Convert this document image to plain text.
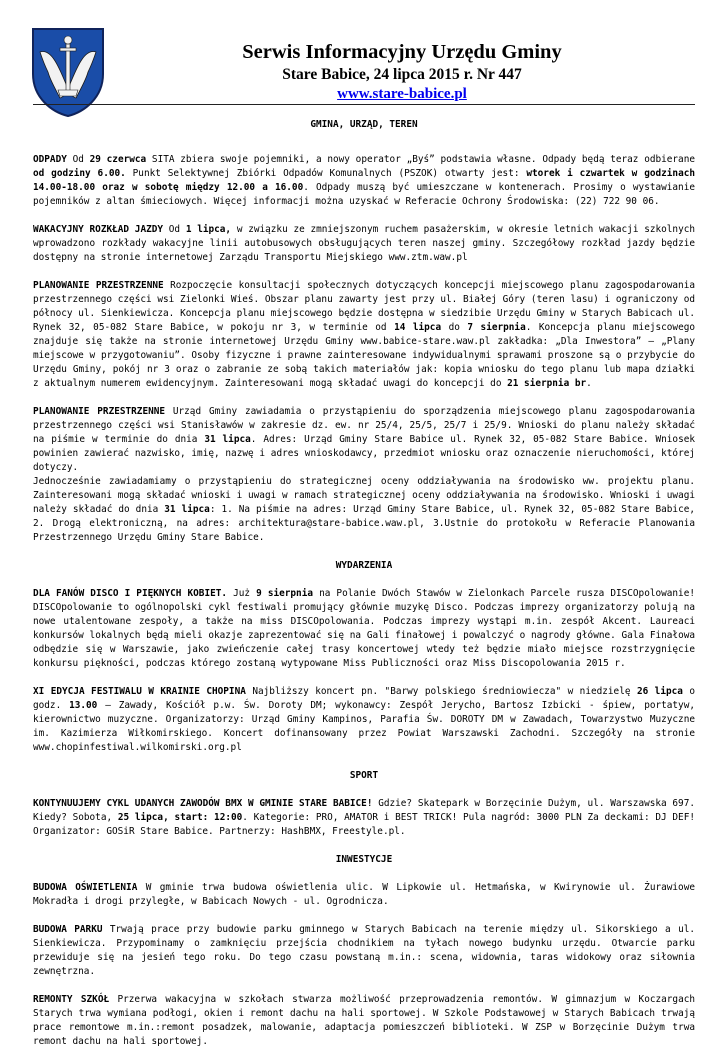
Serwis Informacyjny Urzędu Gminy
Stare Babice, 24 lipca 2015 r. Nr 447
www.stare-babice.pl

GMINA, URZĄD, TEREN

ODPADY Od 29 czerwca SITA zbiera swoje pojemniki, a nowy operator „Byś” podstawia własne. Odpady będą teraz odbierane od godziny 6.00. Punkt Selektywnej Zbiórki Odpadów Komunalnych (PSZOK) otwarty jest: wtorek i czwartek w godzinach 14.00-18.00 oraz w sobotę między 12.00 a 16.00. Odpady muszą być umieszczane w kontenerach. Prosimy o wystawianie pojemników z altan śmieciowych. Więcej informacji można uzyskać w Referacie Ochrony Środowiska: (22) 722 90 06.

WAKACYJNY ROZKŁAD JAZDY Od 1 lipca, w związku ze zmniejszonym ruchem pasażerskim, w okresie letnich wakacji szkolnych wprowadzono rozkłady wakacyjne linii autobusowych obsługujących teren naszej gminy. Szczegółowy rozkład jazdy będzie dostępny na stronie internetowej Zarządu Transportu Miejskiego www.ztm.waw.pl

PLANOWANIE PRZESTRZENNE Rozpoczęcie konsultacji społecznych dotyczących koncepcji miejscowego planu zagospodarowania przestrzennego części wsi Zielonki Wieś. Obszar planu zawarty jest przy ul. Białej Góry (teren lasu) i ograniczony od północy ul. Sienkiewicza. Koncepcja planu miejscowego będzie dostępna w siedzibie Urzędu Gminy w Starych Babicach ul. Rynek 32, 05-082 Stare Babice, w pokoju nr 3, w terminie od 14 lipca do 7 sierpnia. Koncepcja planu miejscowego znajduje się także na stronie internetowej Urzędu Gminy www.babice-stare.waw.pl zakładka: „Dla Inwestora” – „Plany miejscowe w przygotowaniu”. Osoby fizyczne i prawne zainteresowane indywidualnymi sprawami proszone są o przybycie do Urzędu Gminy, pokój nr 3 oraz o zabranie ze sobą takich materiałów jak: kopia wniosku do tego planu lub mapa działki z aktualnym numerem ewidencyjnym. Zainteresowani mogą składać uwagi do koncepcji do 21 sierpnia br.

PLANOWANIE PRZESTRZENNE Urząd Gminy zawiadamia o przystąpieniu do sporządzenia miejscowego planu zagospodarowania przestrzennego części wsi Stanisławów w zakresie dz. ew. nr 25/4, 25/5, 25/7 i 25/9. Wnioski do planu należy składać na piśmie w terminie do dnia 31 lipca. Adres: Urząd Gminy Stare Babice ul. Rynek 32, 05-082 Stare Babice. Wniosek powinien zawierać nazwisko, imię, nazwę i adres wnioskodawcy, przedmiot wniosku oraz oznaczenie nieruchomości, której dotyczy.

Jednocześnie zawiadamiamy o przystąpieniu do strategicznej oceny oddziaływania na środowisko ww. projektu planu. Zainteresowani mogą składać wnioski i uwagi w ramach strategicznej oceny oddziaływania na środowisko. Wnioski i uwagi należy składać do dnia 31 lipca: 1. Na piśmie na adres: Urząd Gminy Stare Babice, ul. Rynek 32, 05-082 Stare Babice, 2. Drogą elektroniczną, na adres: architektura@stare-babice.waw.pl, 3.Ustnie do protokołu w Referacie Planowania Przestrzennego Urzędu Gminy Stare Babice.

WYDARZENIA

DLA FANÓW DISCO I PIĘKNYCH KOBIET. Już 9 sierpnia na Polanie Dwóch Stawów w Zielonkach Parcele rusza DISCOpolowanie! DISCOpolowanie to ogólnopolski cykl festiwali promujący głównie muzykę Disco. Podczas imprezy organizatorzy polują na nowe utalentowane zespoły, a także na miss DISCOpolowania. Podczas imprezy wystąpi m.in. zespół Akcent. Laureaci konkursów lokalnych będą mieli okazje zaprezentować się na Gali finałowej i powalczyć o nagrody główne. Gala Finałowa odbędzie się w Warszawie, jako zwieńczenie całej trasy koncertowej wtedy też będzie miało miejsce rozstrzygnięcie konkursu piękności, podczas którego zostaną wytypowane Miss Publiczności oraz Miss Discopolowania 2015 r.

XI EDYCJA FESTIWALU W KRAINIE CHOPINA Najbliższy koncert pn. "Barwy polskiego średniowiecza" w niedzielę 26 lipca o godz. 13.00 – Zawady, Kościół p.w. Św. Doroty DM; wykonawcy: Zespół Jerycho, Bartosz Izbicki - śpiew, portatyw, kierownictwo muzyczne. Organizatorzy: Urząd Gminy Kampinos, Parafia Św. DOROTY DM w Zawadach, Towarzystwo Muzyczne im. Kazimierza Wiłkomirskiego. Koncert dofinansowany przez Powiat Warszawski Zachodni. Szczegóły na stronie www.chopinfestiwal.wilkomirski.org.pl

SPORT

KONTYNUUJEMY CYKL UDANYCH ZAWODÓW BMX W GMINIE STARE BABICE! Gdzie? Skatepark w Borzęcinie Dużym, ul. Warszawska 697. Kiedy? Sobota, 25 lipca, start: 12:00. Kategorie: PRO, AMATOR i BEST TRICK! Pula nagród: 3000 PLN Za deckami: DJ DEF! Organizator: GOSiR Stare Babice. Partnerzy: HashBMX, Freestyle.pl.

INWESTYCJE

BUDOWA OŚWIETLENIA W gminie trwa budowa oświetlenia ulic. W Lipkowie ul. Hetmańska, w Kwirynowie ul. Żurawiowe Mokradła i drogi przyległe, w Babicach Nowych - ul. Ogrodnicza.

BUDOWA PARKU Trwają prace przy budowie parku gminnego w Starych Babicach na terenie między ul. Sikorskiego a ul. Sienkiewicza. Przypominamy o zamknięciu przejścia chodnikiem na tyłach nowego budynku urzędu. Otwarcie parku przewiduje się na jesień tego roku. Do tego czasu powstaną m.in.: scena, widownia, taras widokowy oraz siłownia zewnętrzna.

REMONTY SZKÓŁ Przerwa wakacyjna w szkołach stwarza możliwość przeprowadzenia remontów. W gimnazjum w Koczargach Starych trwa wymiana podłogi, okien i remont dachu na hali sportowej. W Szkole Podstawowej w Starych Babicach trwają prace remontowe m.in.:remont posadzek, malowanie, adaptacja pomieszczeń biblioteki. W ZSP w Borzęcinie Dużym trwa remont dachu na hali sportowej.
